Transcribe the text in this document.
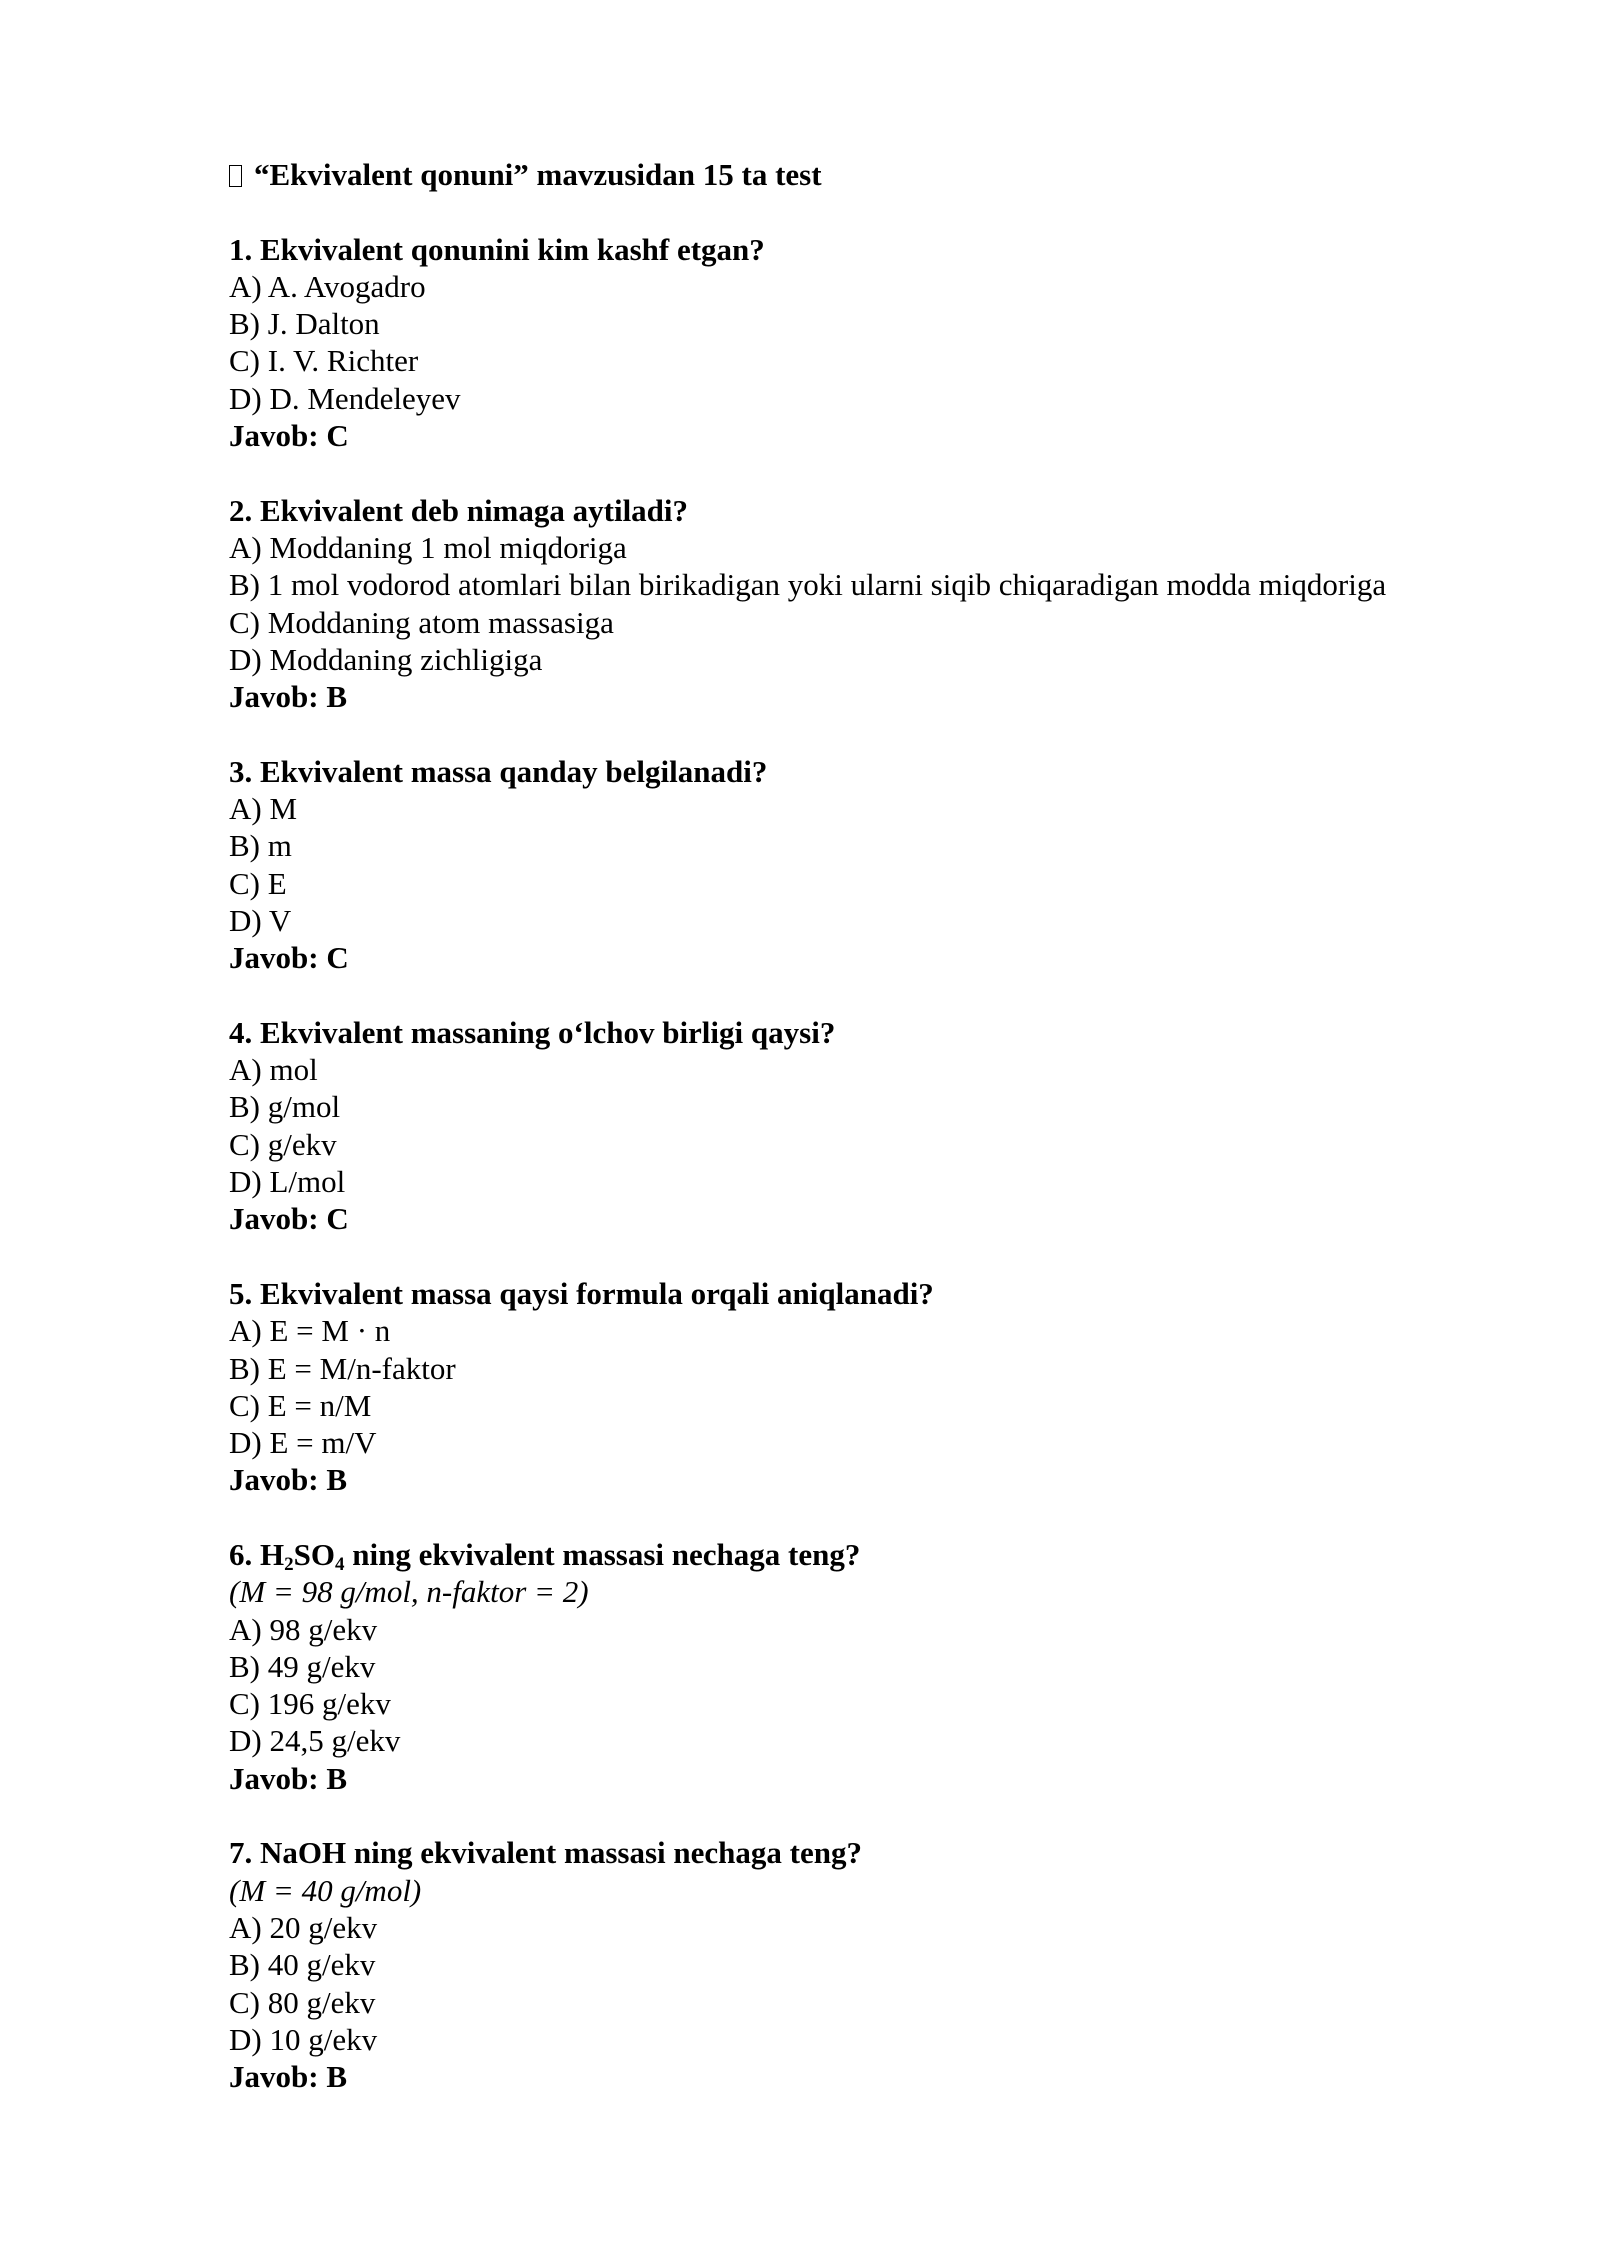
“Ekvivalent qonuni” mavzusidan 15 ta test
1. Ekvivalent qonunini kim kashf etgan?
A) A. Avogadro
B) J. Dalton
C) I. V. Richter
D) D. Mendeleyev
Javob: C
2. Ekvivalent deb nimaga aytiladi?
A) Moddaning 1 mol miqdoriga
B) 1 mol vodorod atomlari bilan birikadigan yoki ularni siqib chiqaradigan modda miqdoriga
C) Moddaning atom massasiga
D) Moddaning zichligiga
Javob: B
3. Ekvivalent massa qanday belgilanadi?
A) M
B) m
C) E
D) V
Javob: C
4. Ekvivalent massaning oʻlchov birligi qaysi?
A) mol
B) g/mol
C) g/ekv
D) L/mol
Javob: C
5. Ekvivalent massa qaysi formula orqali aniqlanadi?
A) E = M · n
B) E = M/n-faktor
C) E = n/M
D) E = m/V
Javob: B
6. $H_2SO_4$ ning ekvivalent massasi nechaga teng?
(M = 98 g/mol, n-faktor = 2)
A) 98 g/ekv
B) 49 g/ekv
C) 196 g/ekv
D) 24,5 g/ekv
Javob: B
7. NaOH ning ekvivalent massasi nechaga teng?
(M = 40 g/mol)
A) 20 g/ekv
B) 40 g/ekv
C) 80 g/ekv
D) 10 g/ekv
Javob: B
